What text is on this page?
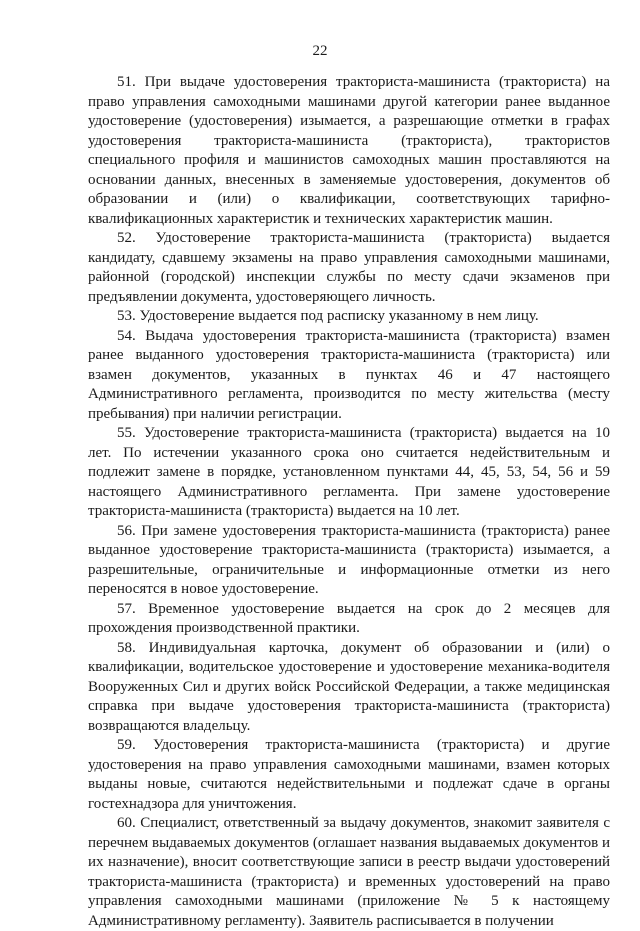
22

51. При выдаче удостоверения тракториста-машиниста (тракториста) на право управления самоходными машинами другой категории ранее выданное удостоверение (удостоверения) изымается, а разрешающие отметки в графах удостоверения тракториста-машиниста (тракториста), трактористов специального профиля и машинистов самоходных машин проставляются на основании данных, внесенных в заменяемые удостоверения, документов об образовании и (или) о квалификации, соответствующих тарифно-квалификационных характеристик и технических характеристик машин.

52. Удостоверение тракториста-машиниста (тракториста) выдается кандидату, сдавшему экзамены на право управления самоходными машинами, районной (городской) инспекции службы по месту сдачи экзаменов при предъявлении документа, удостоверяющего личность.

53. Удостоверение выдается под расписку указанному в нем лицу.

54. Выдача удостоверения тракториста-машиниста (тракториста) взамен ранее выданного удостоверения тракториста-машиниста (тракториста) или взамен документов, указанных в пунктах 46 и 47 настоящего Административного регламента, производится по месту жительства (месту пребывания) при наличии регистрации.

55. Удостоверение тракториста-машиниста (тракториста) выдается на 10 лет. По истечении указанного срока оно считается недействительным и подлежит замене в порядке, установленном пунктами 44, 45, 53, 54, 56 и 59 настоящего Административного регламента. При замене удостоверение тракториста-машиниста (тракториста) выдается на 10 лет.

56. При замене удостоверения тракториста-машиниста (тракториста) ранее выданное удостоверение тракториста-машиниста (тракториста) изымается, а разрешительные, ограничительные и информационные отметки из него переносятся в новое удостоверение.

57. Временное удостоверение выдается на срок до 2 месяцев для прохождения производственной практики.

58. Индивидуальная карточка, документ об образовании и (или) о квалификации, водительское удостоверение и удостоверение механика-водителя Вооруженных Сил и других войск Российской Федерации, а также медицинская справка при выдаче удостоверения тракториста-машиниста (тракториста) возвращаются владельцу.

59. Удостоверения тракториста-машиниста (тракториста) и другие удостоверения на право управления самоходными машинами, взамен которых выданы новые, считаются недействительными и подлежат сдаче в органы гостехнадзора для уничтожения.

60. Специалист, ответственный за выдачу документов, знакомит заявителя с перечнем выдаваемых документов (оглашает названия выдаваемых документов и их назначение), вносит соответствующие записи в реестр выдачи удостоверений тракториста-машиниста (тракториста) и временных удостоверений на право управления самоходными машинами (приложение № 5 к настоящему Административному регламенту). Заявитель расписывается в получении
